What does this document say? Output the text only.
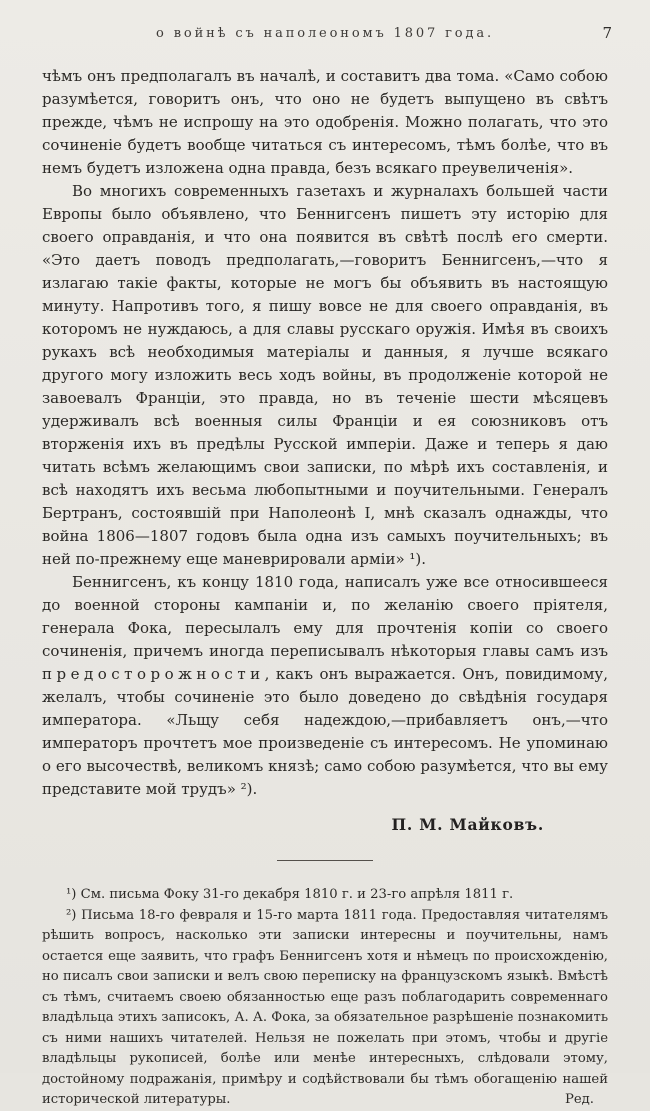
о войнѣ съ наполеономъ 1807 года.	7

чѣмъ онъ предполагалъ въ началѣ, и составитъ два тома. «Само собою разумѣется, говоритъ онъ, что оно не будетъ выпущено въ свѣтъ прежде, чѣмъ не испрошу на это одобренія. Можно полагать, что это сочиненіе будетъ вообще читаться съ интересомъ, тѣмъ болѣе, что въ немъ будетъ изложена одна правда, безъ всякаго преувеличенія».

Во многихъ современныхъ газетахъ и журналахъ большей части Европы было объявлено, что Беннигсенъ пишетъ эту исторію для своего оправданія, и что она появится въ свѣтѣ послѣ его смерти. «Это даетъ поводъ предполагать,—говоритъ Беннигсенъ,—что я излагаю такіе факты, которые не могъ бы объявить въ настоящую минуту. Напротивъ того, я пишу вовсе не для своего оправданія, въ которомъ не нуждаюсь, а для славы русскаго оружія. Имѣя въ своихъ рукахъ всѣ необходимыя матеріалы и данныя, я лучше всякаго другого могу изложить весь ходъ войны, въ продолженіе которой не завоевалъ Франціи, это правда, но въ теченіе шести мѣсяцевъ удерживалъ всѣ военныя силы Франціи и ея союзниковъ отъ вторженія ихъ въ предѣлы Русской имперіи. Даже и теперь я даю читать всѣмъ желающимъ свои записки, по мѣрѣ ихъ составленія, и всѣ находятъ ихъ весьма любопытными и поучительными. Генералъ Бертранъ, состоявшій при Наполеонѣ I, мнѣ сказалъ однажды, что война 1806—1807 годовъ была одна изъ самыхъ поучительныхъ; въ ней по-прежнему еще маневрировали арміи» ¹).

Беннигсенъ, къ концу 1810 года, написалъ уже все относившееся до военной стороны кампаніи и, по желанію своего пріятеля, генерала Фока, пересылалъ ему для прочтенія копіи со своего сочиненія, причемъ иногда переписывалъ нѣкоторыя главы самъ изъ предосторожности, какъ онъ выражается. Онъ, повидимому, желалъ, чтобы сочиненіе это было доведено до свѣдѣнія государя императора. «Льщу себя надеждою,—прибавляетъ онъ,—что императоръ прочтетъ мое произведеніе съ интересомъ. Не упоминаю о его высочествѣ, великомъ князѣ; само собою разумѣется, что вы ему представите мой трудъ» ²).

П. М. Майковъ.

¹) См. письма Фоку 31-го декабря 1810 г. и 23-го апрѣля 1811 г.

²) Письма 18-го февраля и 15-го марта 1811 года. Предоставляя читателямъ рѣшить вопросъ, насколько эти записки интересны и поучительны, намъ остается еще заявить, что графъ Беннигсенъ хотя и нѣмецъ по происхожденію, но писалъ свои записки и велъ свою переписку на французскомъ языкѣ. Вмѣстѣ съ тѣмъ, считаемъ своею обязанностью еще разъ поблагодарить современнаго владѣльца этихъ записокъ, А. А. Фока, за обязательное разрѣшеніе познакомить съ ними нашихъ читателей. Нельзя не пожелать при этомъ, чтобы и другіе владѣльцы рукописей, болѣе или менѣе интересныхъ, слѣдовали этому, достойному подражанія, примѣру и содѣйствовали бы тѣмъ обогащенію нашей исторической литературы.	Ред.
